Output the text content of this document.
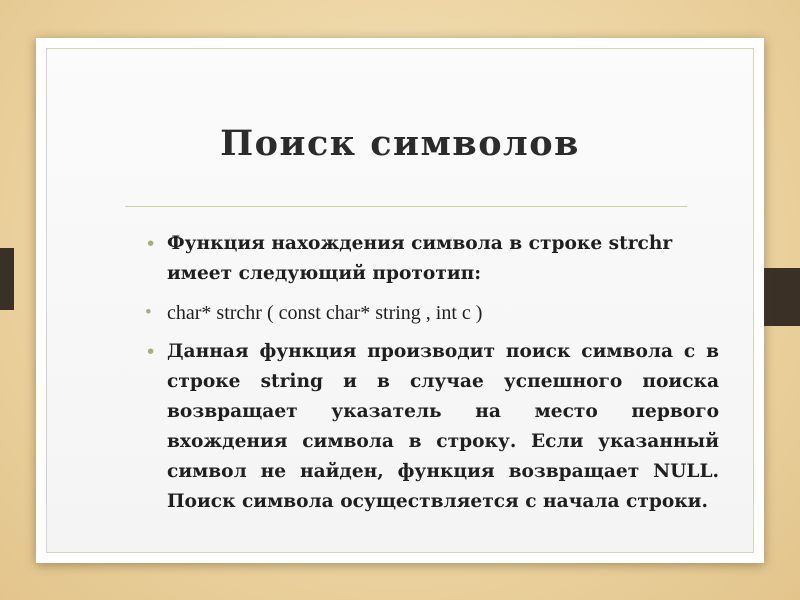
Поиск символов
• Функция нахождения символа в строке strchr имеет следующий прототип:
• char* strchr ( const char* string , int c )
• Данная функция производит поиск символа с в строке string и в случае успешного поиска возвращает указатель на место первого вхождения символа в строку. Если указанный символ не найден, функция возвращает NULL. Поиск символа осуществляется с начала строки.
